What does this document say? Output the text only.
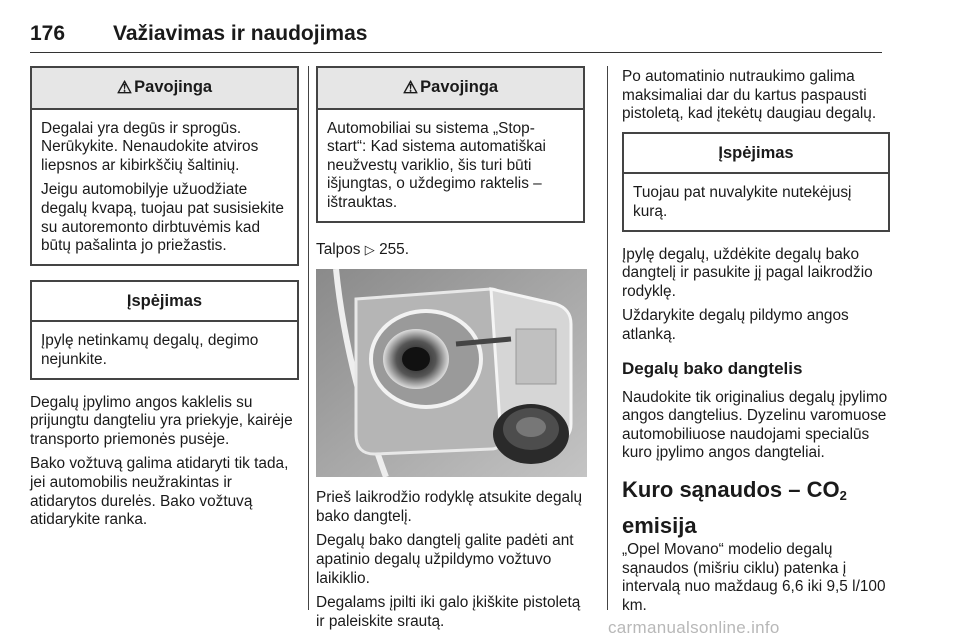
176 Važiavimas ir naudojimas
⚠ Pavojinga

Degalai yra degūs ir sprogūs. Nerūkykite. Nenaudokite atviros liepsnos ar kibirkščių šaltinių.

Jeigu automobilyje užuodžiate degalų kvapą, tuojau pat susisiekite su autoremonto dirbtuvėmis kad būtų pašalinta jo priežastis.

Įspėjimas

Įpylę netinkamų degalų, degimo nejunkite.

Degalų įpylimo angos kaklelis su prijungtu dangteliu yra priekyje, kairėje transporto priemonės pusėje.

Bako vožtuvą galima atidaryti tik tada, jei automobilis neužrakintas ir atidarytos durelės. Bako vožtuvą atidarykite ranka.

⚠ Pavojinga

Automobiliai su sistema „Stop-start“: Kad sistema automatiškai neužvestų variklio, šis turi būti išjungtas, o uždegimo raktelis – ištrauktas.

Talpos ▷ 255.

Prieš laikrodžio rodyklę atsukite degalų bako dangtelį.

Degalų bako dangtelį galite padėti ant apatinio degalų užpildymo vožtuvo laikiklio.

Degalams įpilti iki galo įkiškite pistoletą ir paleiskite srautą.

Po automatinio nutraukimo galima maksimaliai dar du kartus paspausti pistoletą, kad įtekėtų daugiau degalų.

Įspėjimas

Tuojau pat nuvalykite nutekėjusį kurą.

Įpylę degalų, uždėkite degalų bako dangtelį ir pasukite jį pagal laikrodžio rodyklę.

Uždarykite degalų pildymo angos atlanką.

Degalų bako dangtelis

Naudokite tik originalius degalų įpylimo angos dangtelius. Dyzelinu varomuose automobiliuose naudojami specialūs kuro įpylimo angos dangteliai.

Kuro sąnaudos – $CO_2$
emisija

„Opel Movano“ modelio degalų sąnaudos (mišriu ciklu) patenka į intervalą nuo maždaug 6,6 iki 9,5 l/100 km.

carmanualsonline.info
